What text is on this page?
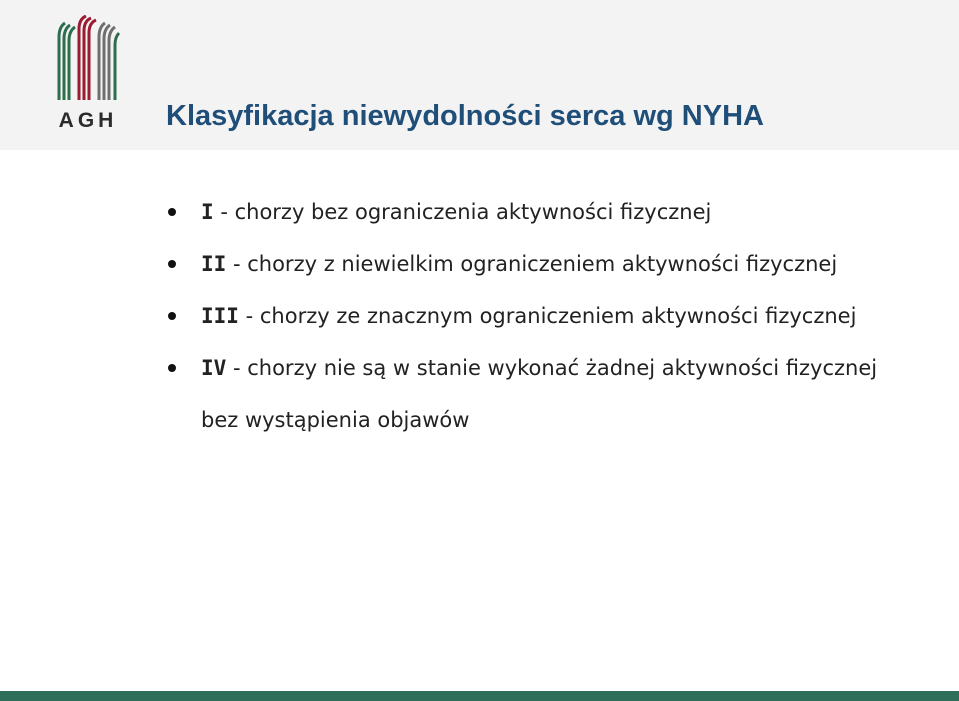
AGH Klasyfikacja niewydolności serca wg NYHA
I - chorzy bez ograniczenia aktywności fizycznej
II - chorzy z niewielkim ograniczeniem aktywności fizycznej
III - chorzy ze znacznym ograniczeniem aktywności fizycznej
IV - chorzy nie są w stanie wykonać żadnej aktywności fizycznej bez wystąpienia objawów
